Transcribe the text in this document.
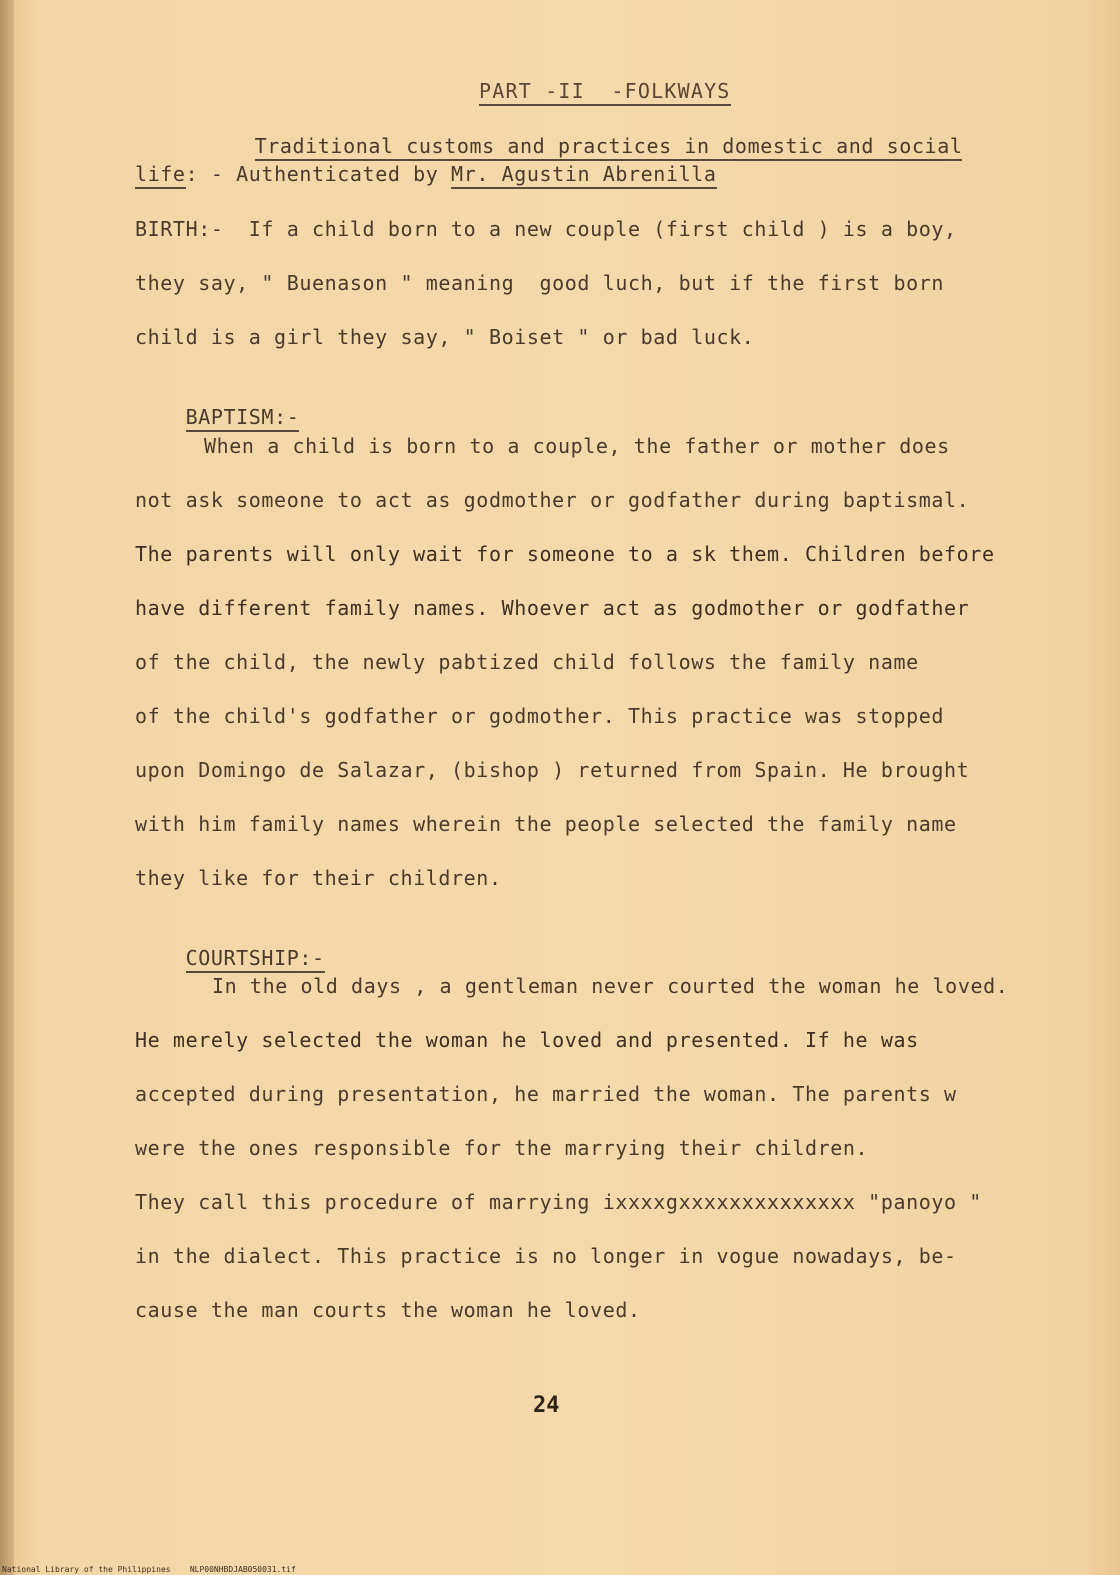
PART -II  -FOLKWAYS

Traditional customs and practices in domestic and social

life: - Authenticated by Mr. Agustin Abrenilla
BIRTH:-  If a child born to a new couple (first child ) is a boy,
they say, " Buenason " meaning  good luch, but if the first born
child is a girl they say, " Boiset " or bad luck.

BAPTISM:-

When a child is born to a couple, the father or mother does
not ask someone to act as godmother or godfather during baptismal.
The parents will only wait for someone to a sk them. Children before
have different family names. Whoever act as godmother or godfather
of the child, the newly pabtized child follows the family name
of the child's godfather or godmother. This practice was stopped
upon Domingo de Salazar, (bishop ) returned from Spain. He brought
with him family names wherein the people selected the family name
they like for their children.

COURTSHIP:-

In the old days , a gentleman never courted the woman he loved.
He merely selected the woman he loved and presented. If he was
accepted during presentation, he married the woman. The parents w
were the ones responsible for the marrying their children.
They call this procedure of marrying ixxxxgxxxxxxxxxxxxxx "panoyo "
in the dialect. This practice is no longer in vogue nowadays, be-
cause the man courts the woman he loved.
24
National Library of the Philippines    NLP00NHBDJAB050031.tif
